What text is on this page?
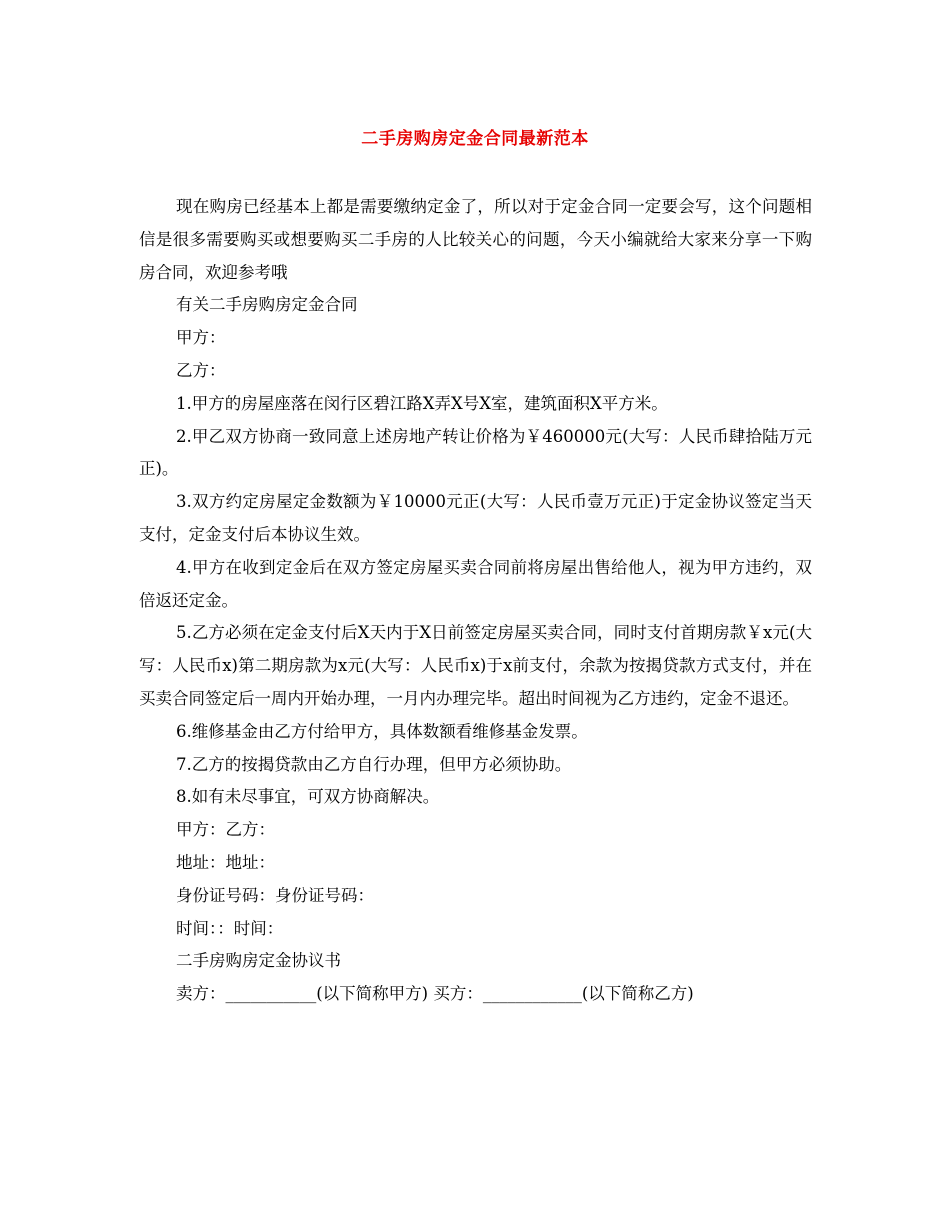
二手房购房定金合同最新范本

现在购房已经基本上都是需要缴纳定金了，所以对于定金合同一定要会写，这个问题相信是很多需要购买或想要购买二手房的人比较关心的问题，今天小编就给大家来分享一下购房合同，欢迎参考哦

有关二手房购房定金合同

甲方：

乙方：

1.甲方的房屋座落在闵行区碧江路X弄X号X室，建筑面积X平方米。

2.甲乙双方协商一致同意上述房地产转让价格为￥460000元(大写：人民币肆拾陆万元正)。

3.双方约定房屋定金数额为￥10000元正(大写：人民币壹万元正)于定金协议签定当天支付，定金支付后本协议生效。

4.甲方在收到定金后在双方签定房屋买卖合同前将房屋出售给他人，视为甲方违约，双倍返还定金。

5.乙方必须在定金支付后X天内于X日前签定房屋买卖合同，同时支付首期房款￥x元(大写：人民币x)第二期房款为x元(大写：人民币x)于x前支付，余款为按揭贷款方式支付，并在买卖合同签定后一周内开始办理，一月内办理完毕。超出时间视为乙方违约，定金不退还。

6.维修基金由乙方付给甲方，具体数额看维修基金发票。

7.乙方的按揭贷款由乙方自行办理，但甲方必须协助。

8.如有未尽事宜，可双方协商解决。

甲方：乙方：

地址：地址：

身份证号码：身份证号码：

时间：：时间：

二手房购房定金协议书

卖方：___________(以下简称甲方) 买方：____________(以下简称乙方)
